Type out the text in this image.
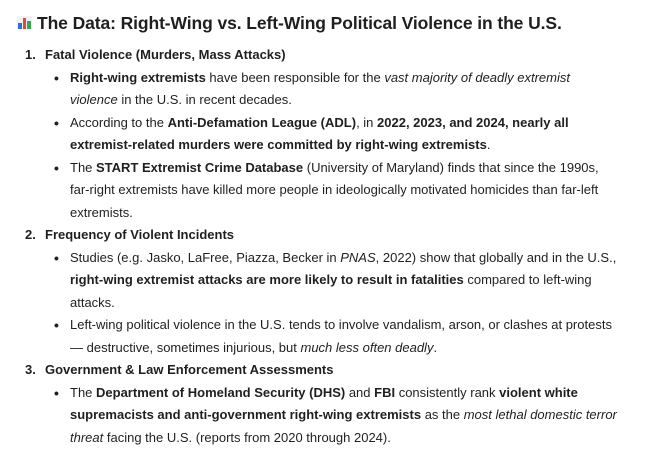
The Data: Right-Wing vs. Left-Wing Political Violence in the U.S.
1. Fatal Violence (Murders, Mass Attacks)
• Right-wing extremists have been responsible for the vast majority of deadly extremist violence in the U.S. in recent decades.
• According to the Anti-Defamation League (ADL), in 2022, 2023, and 2024, nearly all extremist-related murders were committed by right-wing extremists.
• The START Extremist Crime Database (University of Maryland) finds that since the 1990s, far-right extremists have killed more people in ideologically motivated homicides than far-left extremists.
2. Frequency of Violent Incidents
• Studies (e.g. Jasko, LaFree, Piazza, Becker in PNAS, 2022) show that globally and in the U.S., right-wing extremist attacks are more likely to result in fatalities compared to left-wing attacks.
• Left-wing political violence in the U.S. tends to involve vandalism, arson, or clashes at protests — destructive, sometimes injurious, but much less often deadly.
3. Government & Law Enforcement Assessments
• The Department of Homeland Security (DHS) and FBI consistently rank violent white supremacists and anti-government right-wing extremists as the most lethal domestic terror threat facing the U.S. (reports from 2020 through 2024).
